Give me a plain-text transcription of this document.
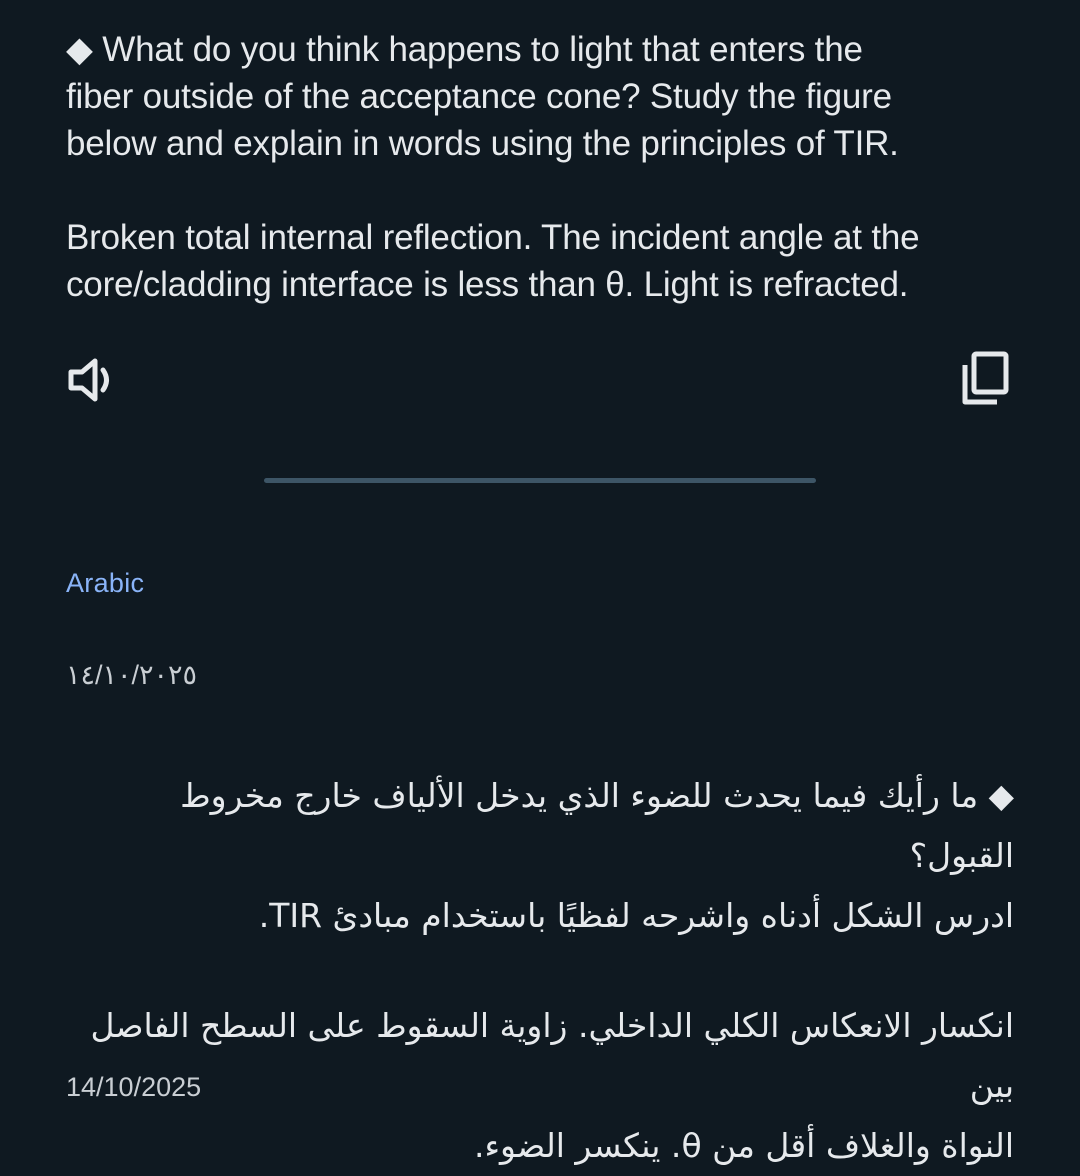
◆ What do you think happens to light that enters the
fiber outside of the acceptance cone? Study the figure
below and explain in words using the principles of TIR.

Broken total internal reflection. The incident angle at the
core/cladding interface is less than θ. Light is refracted.

Arabic
١٤/١٠/٢٠٢٥

◆ ما رأيك فيما يحدث للضوء الذي يدخل الألياف خارج مخروط القبول؟
ادرس الشكل أدناه واشرحه لفظيًا باستخدام مبادئ TIR.

انكسار الانعكاس الكلي الداخلي. زاوية السقوط على السطح الفاصل بين
النواة والغلاف أقل من θ. ينكسر الضوء.

14/10/2025
